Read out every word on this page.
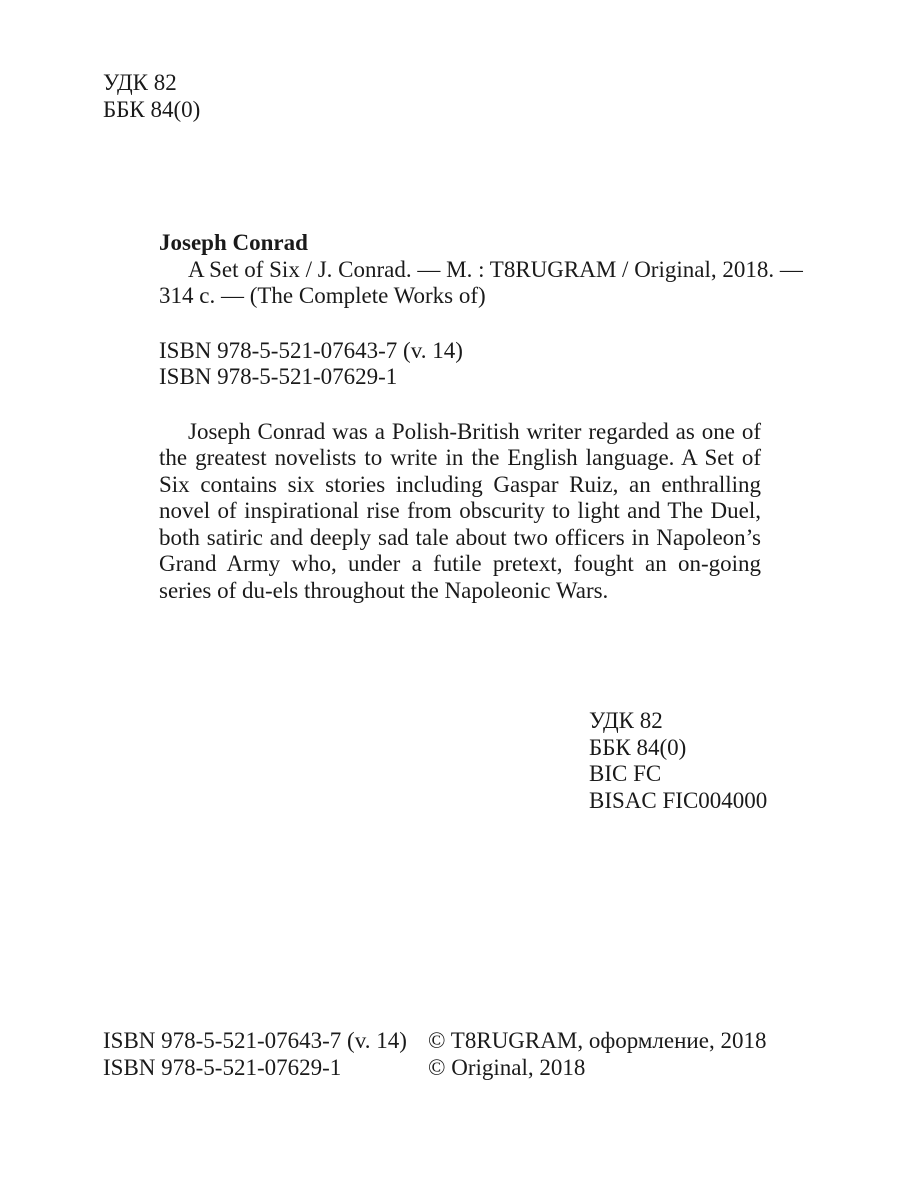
УДК 82
ББК 84(0)
Joseph Conrad
A Set of Six / J. Conrad. — M. : T8RUGRAM / Original, 2018. —
314 c. — (The Complete Works of)
ISBN 978-5-521-07643-7 (v. 14)
ISBN 978-5-521-07629-1
Joseph Conrad was a Polish-British writer regarded as one of the greatest novelists to write in the English language. A Set of Six contains six stories including Gaspar Ruiz, an enthralling novel of inspirational rise from obscurity to light and The Duel, both satiric and deeply sad tale about two officers in Napoleon’s Grand Army who, under a futile pretext, fought an on-going series of du-els throughout the Napoleonic Wars.
УДК 82
ББК 84(0)
BIC FC
BISAC FIC004000
ISBN 978-5-521-07643-7 (v. 14)
ISBN 978-5-521-07629-1
© T8RUGRAM, оформление, 2018
© Original, 2018
